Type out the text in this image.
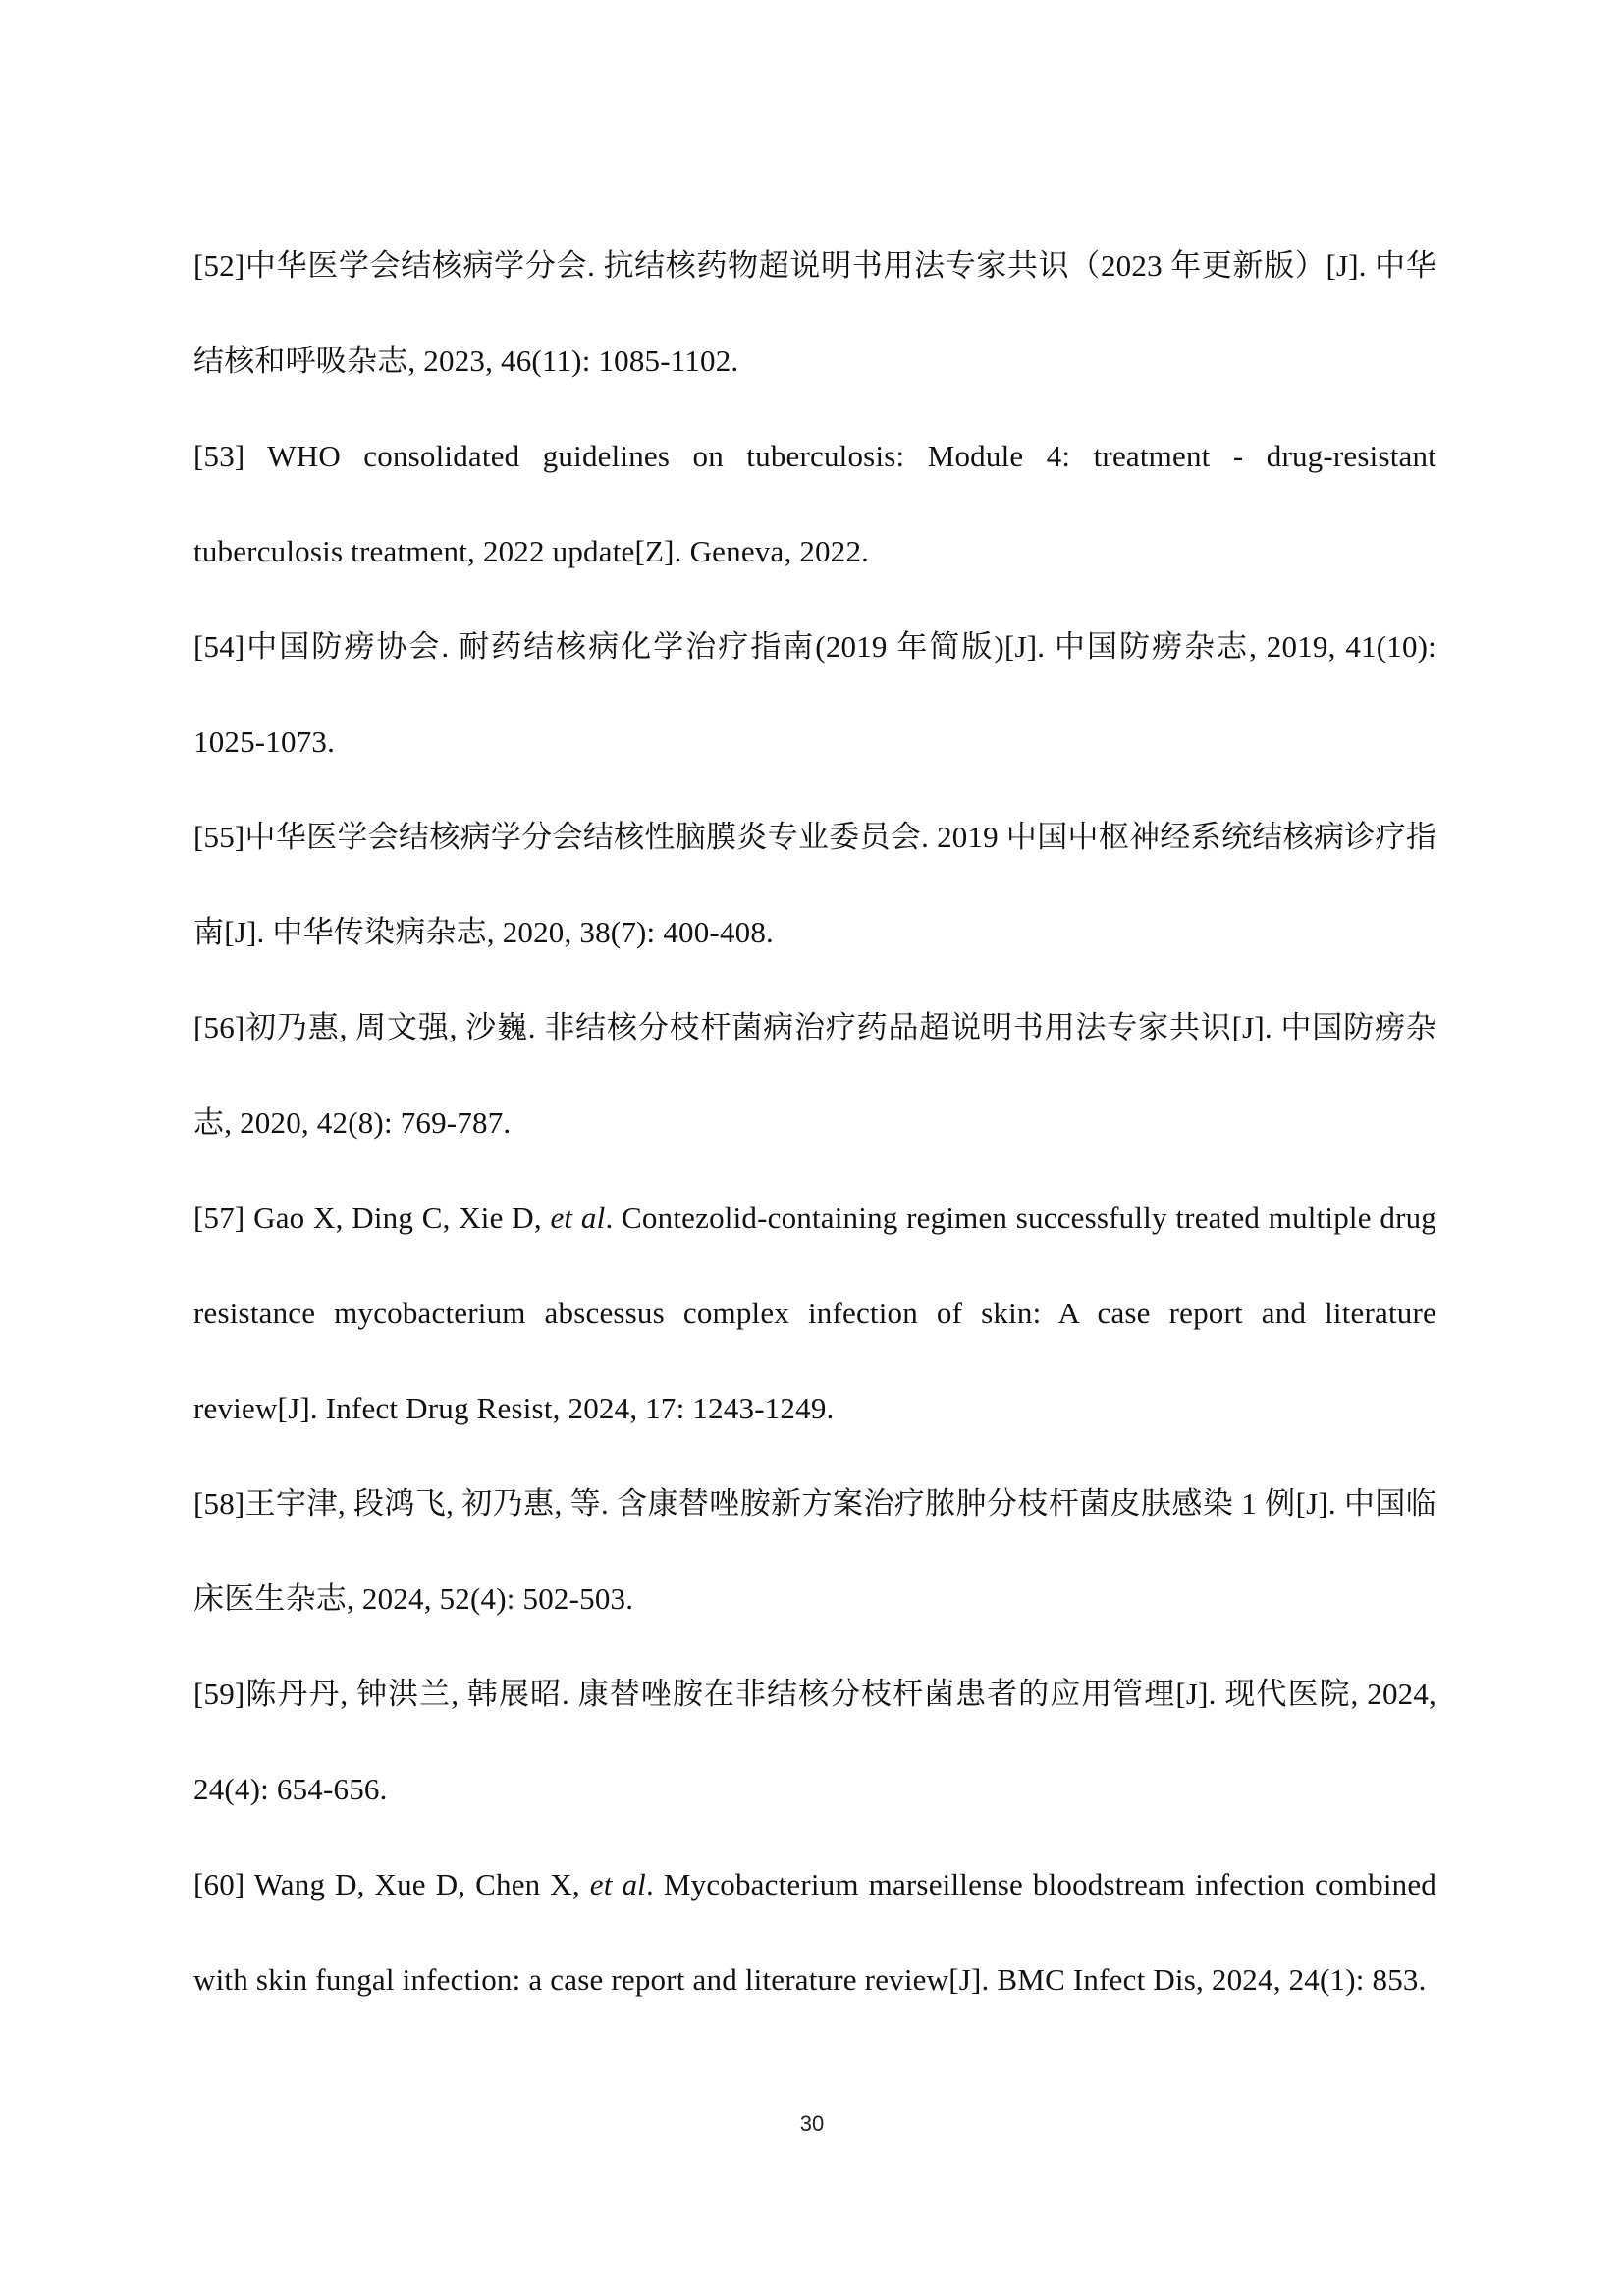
[52]中华医学会结核病学分会. 抗结核药物超说明书用法专家共识（2023 年更新版）[J]. 中华结核和呼吸杂志, 2023, 46(11): 1085-1102.

[53] WHO consolidated guidelines on tuberculosis: Module 4: treatment - drug-resistant tuberculosis treatment, 2022 update[Z]. Geneva, 2022.

[54]中国防痨协会. 耐药结核病化学治疗指南(2019 年简版)[J]. 中国防痨杂志, 2019, 41(10): 1025-1073.

[55]中华医学会结核病学分会结核性脑膜炎专业委员会. 2019 中国中枢神经系统结核病诊疗指南[J]. 中华传染病杂志, 2020, 38(7): 400-408.

[56]初乃惠, 周文强, 沙巍. 非结核分枝杆菌病治疗药品超说明书用法专家共识[J]. 中国防痨杂志, 2020, 42(8): 769-787.

[57] Gao X, Ding C, Xie D, et al. Contezolid-containing regimen successfully treated multiple drug resistance mycobacterium abscessus complex infection of skin: A case report and literature review[J]. Infect Drug Resist, 2024, 17: 1243-1249.

[58]王宇津, 段鸿飞, 初乃惠, 等. 含康替唑胺新方案治疗脓肿分枝杆菌皮肤感染 1 例[J]. 中国临床医生杂志, 2024, 52(4): 502-503.

[59]陈丹丹, 钟洪兰, 韩展昭. 康替唑胺在非结核分枝杆菌患者的应用管理[J]. 现代医院, 2024, 24(4): 654-656.

[60] Wang D, Xue D, Chen X, et al. Mycobacterium marseillense bloodstream infection combined with skin fungal infection: a case report and literature review[J]. BMC Infect Dis, 2024, 24(1): 853.

30
